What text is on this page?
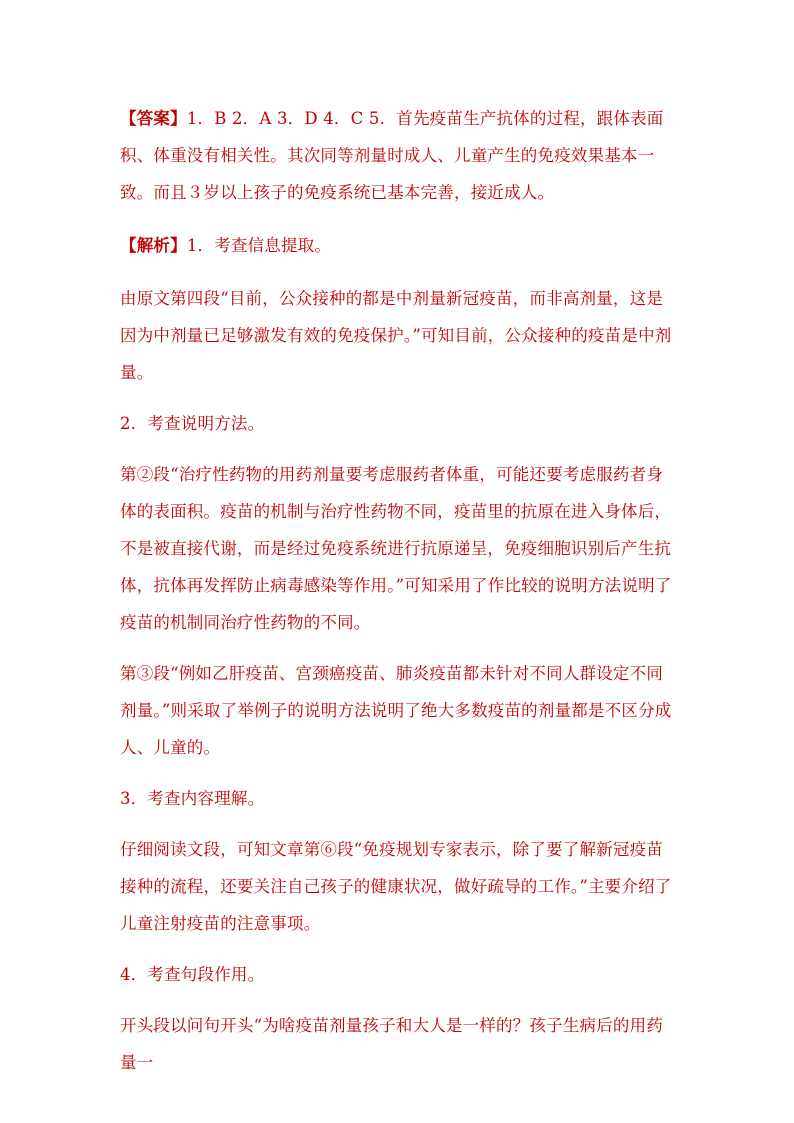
【答案】1．B 2．A 3．D 4．C 5．首先疫苗生产抗体的过程，跟体表面积、体重没有相关性。其次同等剂量时成人、儿童产生的免疫效果基本一致。而且３岁以上孩子的免疫系统已基本完善，接近成人。

【解析】1．考查信息提取。

由原文第四段“目前，公众接种的都是中剂量新冠疫苗，而非高剂量，这是因为中剂量已足够激发有效的免疫保护。”可知目前，公众接种的疫苗是中剂量。

2．考查说明方法。

第②段“治疗性药物的用药剂量要考虑服药者体重，可能还要考虑服药者身体的表面积。疫苗的机制与治疗性药物不同，疫苗里的抗原在进入身体后，不是被直接代谢，而是经过免疫系统进行抗原递呈，免疫细胞识别后产生抗体，抗体再发挥防止病毒感染等作用。”可知采用了作比较的说明方法说明了疫苗的机制同治疗性药物的不同。

第③段“例如乙肝疫苗、宫颈癌疫苗、肺炎疫苗都未针对不同人群设定不同剂量。”则采取了举例子的说明方法说明了绝大多数疫苗的剂量都是不区分成人、儿童的。

3．考查内容理解。

仔细阅读文段，可知文章第⑥段“免疫规划专家表示，除了要了解新冠疫苗接种的流程，还要关注自己孩子的健康状况，做好疏导的工作。”主要介绍了儿童注射疫苗的注意事项。

4．考查句段作用。

开头段以问句开头“为啥疫苗剂量孩子和大人是一样的？孩子生病后的用药量一
